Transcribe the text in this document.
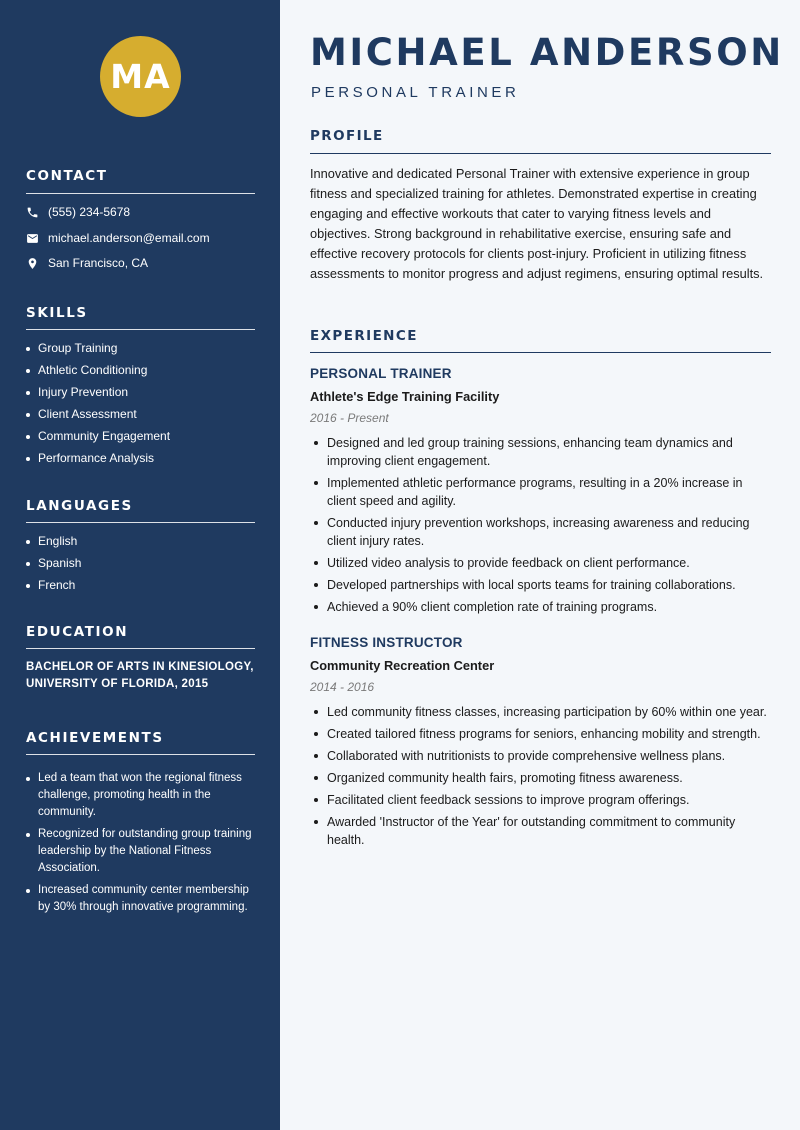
MA
CONTACT
(555) 234-5678
michael.anderson@email.com
San Francisco, CA
SKILLS
Group Training
Athletic Conditioning
Injury Prevention
Client Assessment
Community Engagement
Performance Analysis
LANGUAGES
English
Spanish
French
EDUCATION
BACHELOR OF ARTS IN KINESIOLOGY,
UNIVERSITY OF FLORIDA, 2015
ACHIEVEMENTS
Led a team that won the regional fitness challenge, promoting health in the community.
Recognized for outstanding group training leadership by the National Fitness Association.
Increased community center membership by 30% through innovative programming.
MICHAEL ANDERSON
PERSONAL TRAINER
PROFILE

Innovative and dedicated Personal Trainer with extensive experience in group fitness and specialized training for athletes. Demonstrated expertise in creating engaging and effective workouts that cater to varying fitness levels and objectives. Strong background in rehabilitative exercise, ensuring safe and effective recovery protocols for clients post-injury. Proficient in utilizing fitness assessments to monitor progress and adjust regimens, ensuring optimal results.

EXPERIENCE
PERSONAL TRAINER
Athlete's Edge Training Facility
2016 - Present
Designed and led group training sessions, enhancing team dynamics and improving client engagement.
Implemented athletic performance programs, resulting in a 20% increase in client speed and agility.
Conducted injury prevention workshops, increasing awareness and reducing client injury rates.
Utilized video analysis to provide feedback on client performance.
Developed partnerships with local sports teams for training collaborations.
Achieved a 90% client completion rate of training programs.
FITNESS INSTRUCTOR
Community Recreation Center
2014 - 2016
Led community fitness classes, increasing participation by 60% within one year.
Created tailored fitness programs for seniors, enhancing mobility and strength.
Collaborated with nutritionists to provide comprehensive wellness plans.
Organized community health fairs, promoting fitness awareness.
Facilitated client feedback sessions to improve program offerings.
Awarded 'Instructor of the Year' for outstanding commitment to community health.
